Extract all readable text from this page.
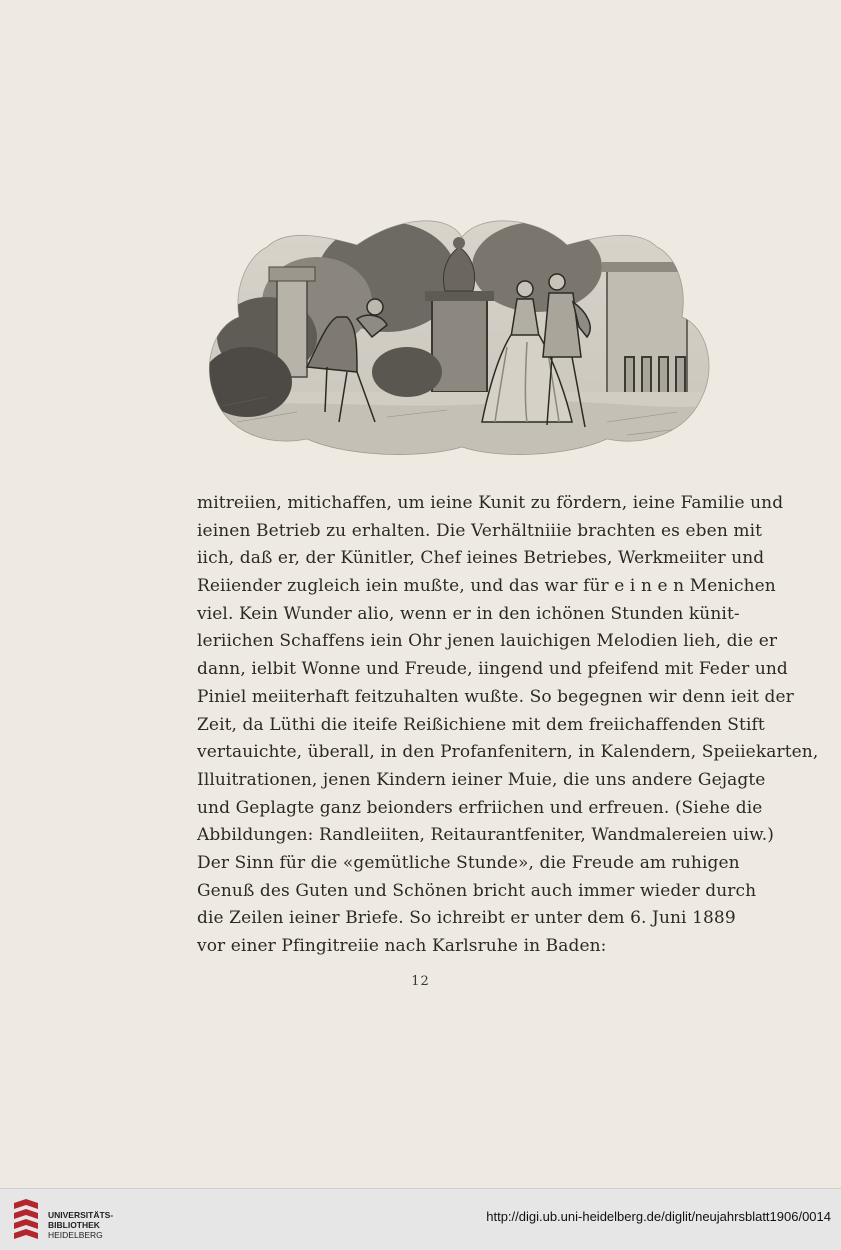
mitreiien, mitichaffen, um ieine Kunit zu fördern, ieine Familie und
ieinen Betrieb zu erhalten. Die Verhältniiie brachten es eben mit
iich, daß er, der Künitler, Chef ieines Betriebes, Werkmeiiter und
Reiiender zugleich iein mußte, und das war für e i n e n Menichen
viel. Kein Wunder alio, wenn er in den ichönen Stunden künit-
leriichen Schaffens iein Ohr jenen lauichigen Melodien lieh, die er
dann, ielbit Wonne und Freude, iingend und pfeifend mit Feder und
Piniel meiiterhaft feitzuhalten wußte. So begegnen wir denn ieit der
Zeit, da Lüthi die iteife Reißichiene mit dem freiichaffenden Stift
vertauichte, überall, in den Profanfenitern, in Kalendern, Speiiekarten,
Illuitrationen, jenen Kindern ieiner Muie, die uns andere Gejagte
und Geplagte ganz beionders erfriichen und erfreuen. (Siehe die
Abbildungen: Randleiiten, Reitaurantfeniter, Wandmalereien uiw.)
Der Sinn für die «gemütliche Stunde», die Freude am ruhigen
Genuß des Guten und Schönen bricht auch immer wieder durch
die Zeilen ieiner Briefe. So ichreibt er unter dem 6. Juni 1889
vor einer Pfingitreiie nach Karlsruhe in Baden:
12
UNIVERSITÄTS-
BIBLIOTHEK
HEIDELBERG
http://digi.ub.uni-heidelberg.de/diglit/neujahrsblatt1906/0014
